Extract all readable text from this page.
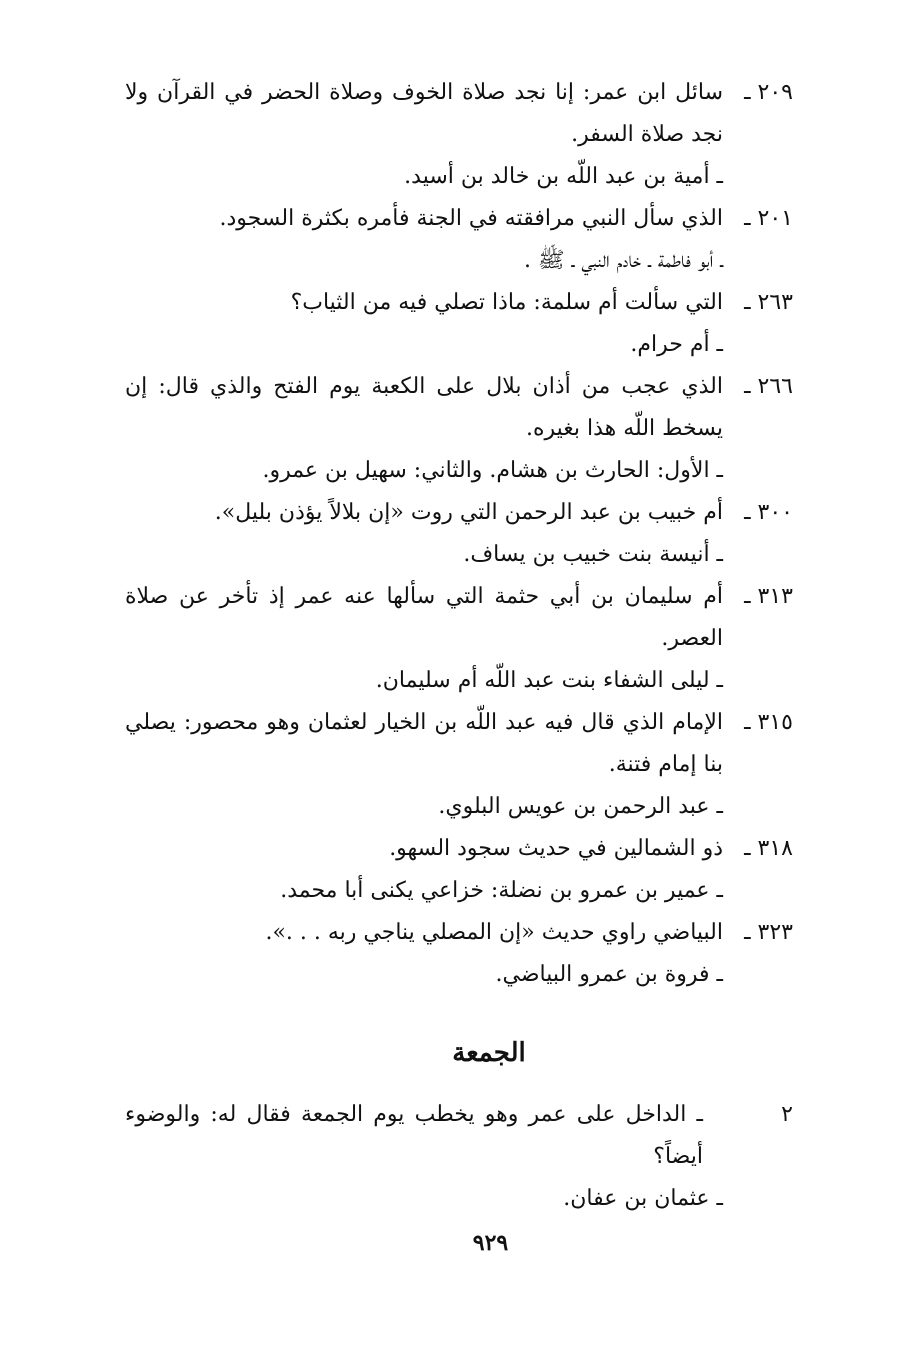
٢٠٩ ـ
سائل ابن عمر: إنا نجد صلاة الخوف وصلاة الحضر في القرآن ولا نجد صلاة السفر.
ـ أمية بن عبد اللّه بن خالد بن أسيد.
٢٠١ ـ
الذي سأل النبي مرافقته في الجنة فأمره بكثرة السجود.
ـ أبو فاطمة ـ خادم النبي ـ ﷺ .
٢٦٣ ـ
التي سألت أم سلمة: ماذا تصلي فيه من الثياب؟
ـ أم حرام.
٢٦٦ ـ
الذي عجب من أذان بلال على الكعبة يوم الفتح والذي قال: إن يسخط اللّه هذا بغيره.
ـ الأول: الحارث بن هشام. والثاني: سهيل بن عمرو.
٣٠٠ ـ
أم خبيب بن عبد الرحمن التي روت «إن بلالاً يؤذن بليل».
ـ أنيسة بنت خبيب بن يساف.
٣١٣ ـ
أم سليمان بن أبي حثمة التي سألها عنه عمر إذ تأخر عن صلاة العصر.
ـ ليلى الشفاء بنت عبد اللّه أم سليمان.
٣١٥ ـ
الإمام الذي قال فيه عبد اللّه بن الخيار لعثمان وهو محصور: يصلي بنا إمام فتنة.
ـ عبد الرحمن بن عويس البلوي.
٣١٨ ـ
ذو الشمالين في حديث سجود السهو.
ـ عمير بن عمرو بن نضلة: خزاعي يكنى أبا محمد.
٣٢٣ ـ
البياضي راوي حديث «إن المصلي يناجي ربه . . .».
ـ فروة بن عمرو البياضي.
الجمعة
٢
ـ الداخل على عمر وهو يخطب يوم الجمعة فقال له: والوضوء أيضاً؟
ـ عثمان بن عفان.
٩٢٩
